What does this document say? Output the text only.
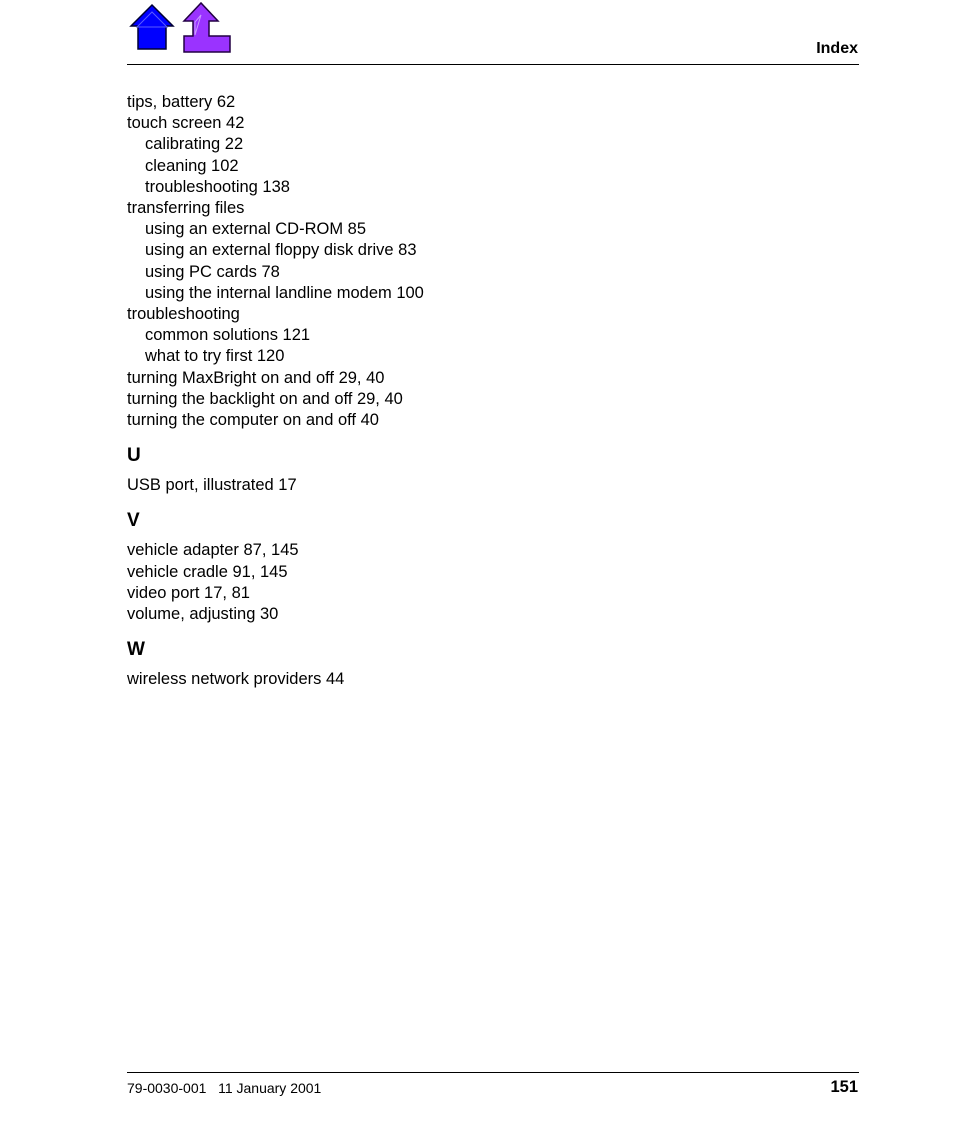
Index
tips, battery 62
touch screen 42
calibrating 22
cleaning 102
troubleshooting 138
transferring files
using an external CD-ROM 85
using an external floppy disk drive 83
using PC cards 78
using the internal landline modem 100
troubleshooting
common solutions 121
what to try first 120
turning MaxBright on and off 29, 40
turning the backlight on and off 29, 40
turning the computer on and off 40
U
USB port, illustrated 17
V
vehicle adapter 87, 145
vehicle cradle 91, 145
video port 17, 81
volume, adjusting 30
W
wireless network providers 44
79-0030-001 11 January 2001	151
